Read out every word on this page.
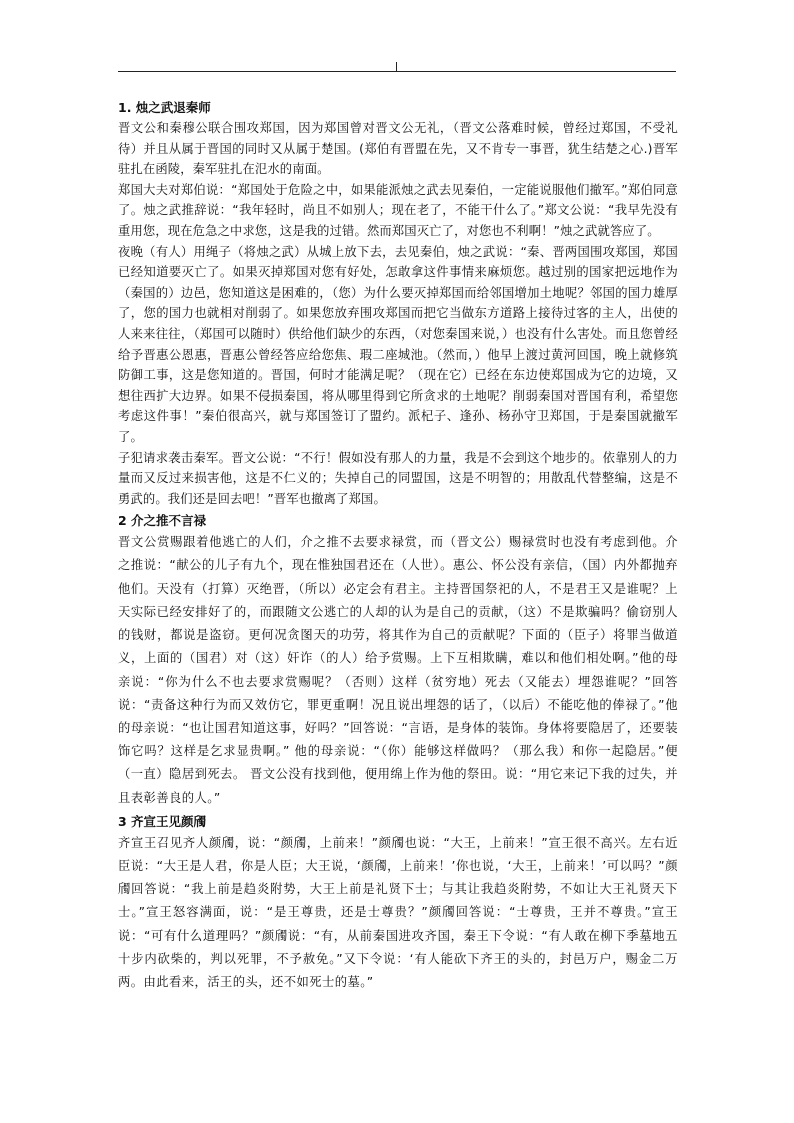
1. 烛之武退秦师

晋文公和秦穆公联合围攻郑国，因为郑国曾对晋文公无礼，（晋文公落难时候，曾经过郑国，不受礼待）并且从属于晋国的同时又从属于楚国。(郑伯有晋盟在先，又不肯专一事晋，犹生结楚之心.)晋军驻扎在函陵，秦军驻扎在氾水的南面。

郑国大夫对郑伯说：“郑国处于危险之中，如果能派烛之武去见秦伯，一定能说服他们撤军。”郑伯同意了。烛之武推辞说：“我年轻时，尚且不如别人；现在老了，不能干什么了。”郑文公说：“我早先没有重用您，现在危急之中求您，这是我的过错。然而郑国灭亡了，对您也不利啊！”烛之武就答应了。

夜晚（有人）用绳子（将烛之武）从城上放下去，去见秦伯，烛之武说：“秦、晋两国围攻郑国，郑国已经知道要灭亡了。如果灭掉郑国对您有好处，怎敢拿这件事情来麻烦您。越过别的国家把远地作为（秦国的）边邑，您知道这是困难的，（您）为什么要灭掉郑国而给邻国增加土地呢？邻国的国力雄厚了，您的国力也就相对削弱了。如果您放弃围攻郑国而把它当做东方道路上接待过客的主人，出使的人来来往往，（郑国可以随时）供给他们缺少的东西，（对您秦国来说，）也没有什么害处。而且您曾经给予晋惠公恩惠，晋惠公曾经答应给您焦、瑕二座城池。（然而，）他早上渡过黄河回国，晚上就修筑防御工事，这是您知道的。晋国，何时才能满足呢？（现在它）已经在东边使郑国成为它的边境，又想往西扩大边界。如果不侵损秦国，将从哪里得到它所贪求的土地呢？削弱秦国对晋国有利，希望您考虑这件事！”秦伯很高兴，就与郑国签订了盟约。派杞子、逢孙、杨孙守卫郑国，于是秦国就撤军了。

子犯请求袭击秦军。晋文公说：“不行！假如没有那人的力量，我是不会到这个地步的。依靠别人的力量而又反过来损害他，这是不仁义的；失掉自己的同盟国，这是不明智的；用散乱代替整编，这是不勇武的。我们还是回去吧！”晋军也撤离了郑国。

2 介之推不言禄

晋文公赏赐跟着他逃亡的人们，介之推不去要求禄赏，而（晋文公）赐禄赏时也没有考虑到他。介之推说：“献公的儿子有九个，现在惟独国君还在（人世）。惠公、怀公没有亲信，（国）内外都抛弃他们。天没有（打算）灭绝晋，（所以）必定会有君主。主持晋国祭祀的人，不是君王又是谁呢？上天实际已经安排好了的，而跟随文公逃亡的人却的认为是自己的贡献，（这）不是欺骗吗？偷窃别人的钱财，都说是盗窃。更何况贪图天的功劳，将其作为自己的贡献呢？下面的（臣子）将罪当做道义，上面的（国君）对（这）奸诈（的人）给予赏赐。上下互相欺瞒，难以和他们相处啊。”他的母亲说：“你为什么不也去要求赏赐呢？（否则）这样（贫穷地）死去（又能去）埋怨谁呢？”回答说：“责备这种行为而又效仿它，罪更重啊！况且说出埋怨的话了，（以后）不能吃他的俸禄了。”他的母亲说：“也让国君知道这事，好吗？”回答说：“言语，是身体的装饰。身体将要隐居了，还要装饰它吗？这样是乞求显贵啊。” 他的母亲说：“（你）能够这样做吗？（那么我）和你一起隐居。”便（一直）隐居到死去。 晋文公没有找到他，便用绵上作为他的祭田。说：“用它来记下我的过失，并且表彰善良的人。”

3 齐宣王见颜斶

齐宣王召见齐人颜斶，说：“颜斶，上前来！”颜斶也说：“大王，上前来！”宣王很不高兴。左右近臣说：“大王是人君，你是人臣；大王说，‘颜斶，上前来！’你也说，‘大王，上前来！’可以吗？”颜斶回答说：“我上前是趋炎附势，大王上前是礼贤下士；与其让我趋炎附势，不如让大王礼贤天下士。”宣王怒容满面，说：“是王尊贵，还是士尊贵？”颜斶回答说：“士尊贵，王并不尊贵。”宣王说：“可有什么道理吗？”颜斶说：“有，从前秦国进攻齐国，秦王下令说：“有人敢在柳下季墓地五十步内砍柴的，判以死罪，不予赦免。”又下令说：‘有人能砍下齐王的头的，封邑万户，赐金二万两。由此看来，活王的头，还不如死士的墓。”
